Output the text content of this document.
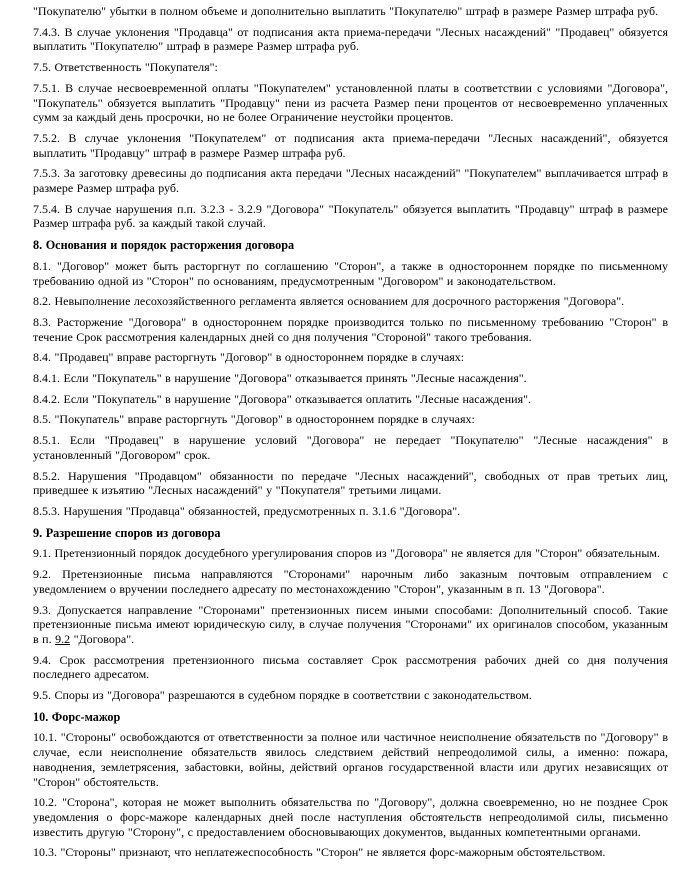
"Покупателю" убытки в полном объеме и дополнительно выплатить "Покупателю" штраф в размере Размер штрафа руб.

7.4.3. В случае уклонения "Продавца" от подписания акта приема-передачи "Лесных насаждений" "Продавец" обязуется выплатить "Покупателю" штраф в размере Размер штрафа руб.

7.5. Ответственность "Покупателя":

7.5.1. В случае несвоевременной оплаты "Покупателем" установленной платы в соответствии с условиями "Договора", "Покупатель" обязуется выплатить "Продавцу" пени из расчета Размер пени процентов от несвоевременно уплаченных сумм за каждый день просрочки, но не более Ограничение неустойки процентов.

7.5.2. В случае уклонения "Покупателем" от подписания акта приема-передачи "Лесных насаждений", обязуется выплатить "Продавцу" штраф в размере Размер штрафа руб.

7.5.3. За заготовку древесины до подписания акта передачи "Лесных насаждений" "Покупателем" выплачивается штраф в размере Размер штрафа руб.

7.5.4. В случае нарушения п.п. 3.2.3 - 3.2.9 "Договора" "Покупатель" обязуется выплатить "Продавцу" штраф в размере Размер штрафа руб. за каждый такой случай.

8. Основания и порядок расторжения договора

8.1. "Договор" может быть расторгнут по соглашению "Сторон", а также в одностороннем порядке по письменному требованию одной из "Сторон" по основаниям, предусмотренным "Договором" и законодательством.

8.2. Невыполнение лесохозяйственного регламента является основанием для досрочного расторжения "Договора".

8.3. Расторжение "Договора" в одностороннем порядке производится только по письменному требованию "Сторон" в течение Срок рассмотрения календарных дней со дня получения "Стороной" такого требования.

8.4. "Продавец" вправе расторгнуть "Договор" в одностороннем порядке в случаях:

8.4.1. Если "Покупатель" в нарушение "Договора" отказывается принять "Лесные насаждения".

8.4.2. Если "Покупатель" в нарушение "Договора" отказывается оплатить "Лесные насаждения".

8.5. "Покупатель" вправе расторгнуть "Договор" в одностороннем порядке в случаях:

8.5.1. Если "Продавец" в нарушение условий "Договора" не передает "Покупателю" "Лесные насаждения" в установленный "Договором" срок.

8.5.2. Нарушения "Продавцом" обязанности по передаче "Лесных насаждений", свободных от прав третьих лиц, приведшее к изъятию "Лесных насаждений" у "Покупателя" третьими лицами.

8.5.3. Нарушения "Продавца" обязанностей, предусмотренных п. 3.1.6 "Договора".

9. Разрешение споров из договора

9.1. Претензионный порядок досудебного урегулирования споров из "Договора" не является для "Сторон" обязательным.

9.2. Претензионные письма направляются "Сторонами" нарочным либо заказным почтовым отправлением с уведомлением о вручении последнего адресату по местонахождению "Сторон", указанным в п. 13 "Договора".

9.3. Допускается направление "Сторонами" претензионных писем иными способами: Дополнительный способ. Такие претензионные письма имеют юридическую силу, в случае получения "Сторонами" их оригиналов способом, указанным в п. 9.2 "Договора".

9.4. Срок рассмотрения претензионного письма составляет Срок рассмотрения рабочих дней со дня получения последнего адресатом.

9.5. Споры из "Договора" разрешаются в судебном порядке в соответствии с законодательством.

10. Форс-мажор

10.1. "Стороны" освобождаются от ответственности за полное или частичное неисполнение обязательств по "Договору" в случае, если неисполнение обязательств явилось следствием действий непреодолимой силы, а именно: пожара, наводнения, землетрясения, забастовки, войны, действий органов государственной власти или других независящих от "Сторон" обстоятельств.

10.2. "Сторона", которая не может выполнить обязательства по "Договору", должна своевременно, но не позднее Срок уведомления о форс-мажоре календарных дней после наступления обстоятельств непреодолимой силы, письменно известить другую "Сторону", с предоставлением обосновывающих документов, выданных компетентными органами.

10.3. "Стороны" признают, что неплатежеспособность "Сторон" не является форс-мажорным обстоятельством.
